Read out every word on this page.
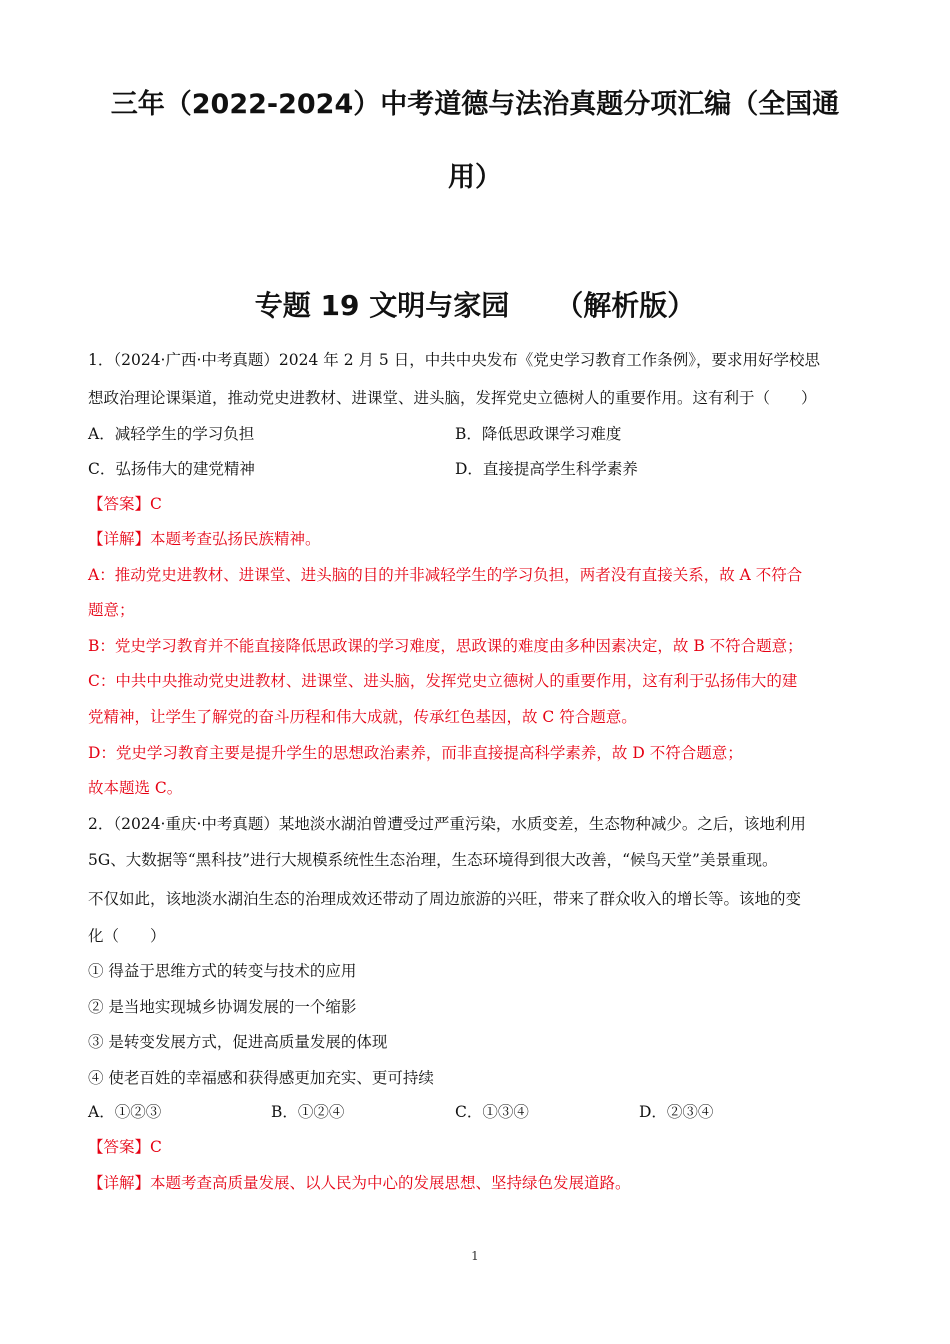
三年（2022-2024）中考道德与法治真题分项汇编（全国通
用）
专题 19 文明与家园 （解析版）
1．（2024·广西·中考真题）2024 年 2 月 5 日，中共中央发布《党史学习教育工作条例》，要求用好学校思
想政治理论课渠道，推动党史进教材、进课堂、进头脑，发挥党史立德树人的重要作用。这有利于（　　）
A．减轻学生的学习负担	B．降低思政课学习难度
C．弘扬伟大的建党精神	D．直接提高学生科学素养
【答案】C
【详解】本题考查弘扬民族精神。
A：推动党史进教材、进课堂、进头脑的目的并非减轻学生的学习负担，两者没有直接关系，故 A 不符合
题意；
B：党史学习教育并不能直接降低思政课的学习难度，思政课的难度由多种因素决定，故 B 不符合题意；
C：中共中央推动党史进教材、进课堂、进头脑，发挥党史立德树人的重要作用，这有利于弘扬伟大的建
党精神，让学生了解党的奋斗历程和伟大成就，传承红色基因，故 C 符合题意。
D：党史学习教育主要是提升学生的思想政治素养，而非直接提高科学素养，故 D 不符合题意；
故本题选 C。
2．（2024·重庆·中考真题）某地淡水湖泊曾遭受过严重污染，水质变差，生态物种减少。之后，该地利用
5G、大数据等“黑科技”进行大规模系统性生态治理，生态环境得到很大改善，“候鸟天堂”美景重现。
不仅如此，该地淡水湖泊生态的治理成效还带动了周边旅游的兴旺，带来了群众收入的增长等。该地的变
化（　　）
① 得益于思维方式的转变与技术的应用
② 是当地实现城乡协调发展的一个缩影
③ 是转变发展方式，促进高质量发展的体现
④ 使老百姓的幸福感和获得感更加充实、更可持续
A．①②③	B．①②④	C．①③④	D．②③④
【答案】C
【详解】本题考查高质量发展、以人民为中心的发展思想、坚持绿色发展道路。
1
